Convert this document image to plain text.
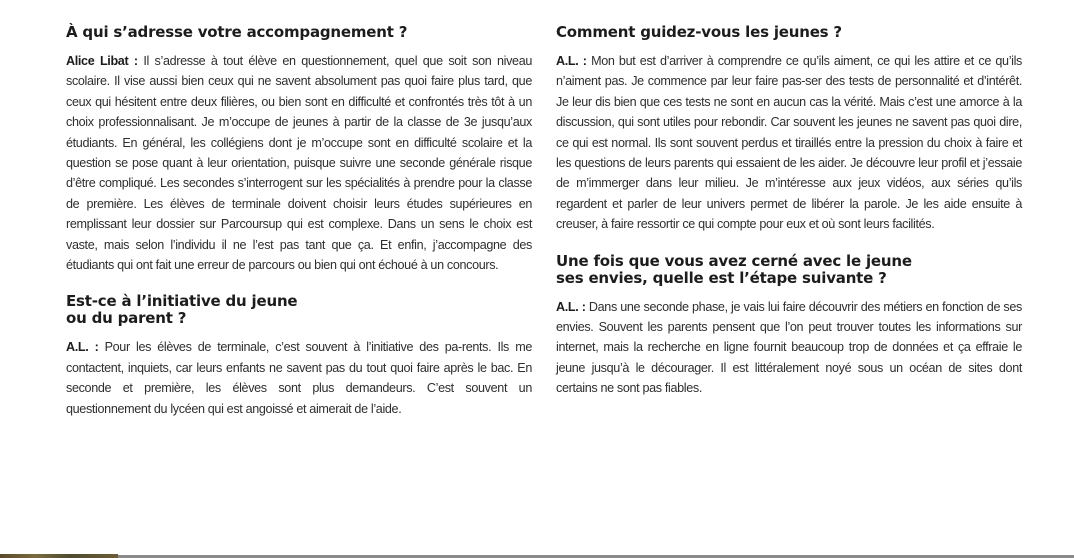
À qui s’adresse votre accompagnement ?

Alice Libat : Il s’adresse à tout élève en questionnement, quel que soit son niveau scolaire. Il vise aussi bien ceux qui ne savent absolument pas quoi faire plus tard, que ceux qui hésitent entre deux filières, ou bien sont en difficulté et confrontés très tôt à un choix professionnalisant. Je m’occupe de jeunes à partir de la classe de 3e jusqu’aux étudiants. En général, les collégiens dont je m’occupe sont en difficulté scolaire et la question se pose quant à leur orientation, puisque suivre une seconde générale risque d’être compliqué. Les secondes s’interrogent sur les spécialités à prendre pour la classe de première. Les élèves de terminale doivent choisir leurs études supérieures en remplissant leur dossier sur Parcoursup qui est complexe. Dans un sens le choix est vaste, mais selon l’individu il ne l’est pas tant que ça. Et enfin, j’accompagne des étudiants qui ont fait une erreur de parcours ou bien qui ont échoué à un concours.

Est-ce à l’initiative du jeune ou du parent ?

A.L. : Pour les élèves de terminale, c’est souvent à l’initiative des pa-rents. Ils me contactent, inquiets, car leurs enfants ne savent pas du tout quoi faire après le bac. En seconde et première, les élèves sont plus demandeurs. C’est souvent un questionnement du lycéen qui est angoissé et aimerait de l’aide.

Comment guidez-vous les jeunes ?

A.L. : Mon but est d’arriver à comprendre ce qu’ils aiment, ce qui les attire et ce qu’ils n’aiment pas. Je commence par leur faire pas-ser des tests de personnalité et d’intérêt. Je leur dis bien que ces tests ne sont en aucun cas la vérité. Mais c’est une amorce à la discussion, qui sont utiles pour rebondir. Car souvent les jeunes ne savent pas quoi dire, ce qui est normal. Ils sont souvent perdus et tiraillés entre la pression du choix à faire et les questions de leurs parents qui essaient de les aider. Je découvre leur profil et j’essaie de m’immerger dans leur milieu. Je m’intéresse aux jeux vidéos, aux séries qu’ils regardent et parler de leur univers permet de libérer la parole. Je les aide ensuite à creuser, à faire ressortir ce qui compte pour eux et où sont leurs facilités.

Une fois que vous avez cerné avec le jeune ses envies, quelle est l’étape suivante ?

A.L. : Dans une seconde phase, je vais lui faire découvrir des métiers en fonction de ses envies. Souvent les parents pensent que l’on peut trouver toutes les informations sur internet, mais la recherche en ligne fournit beaucoup trop de données et ça effraie le jeune jusqu’à le décourager. Il est littéralement noyé sous un océan de sites dont certains ne sont pas fiables.
